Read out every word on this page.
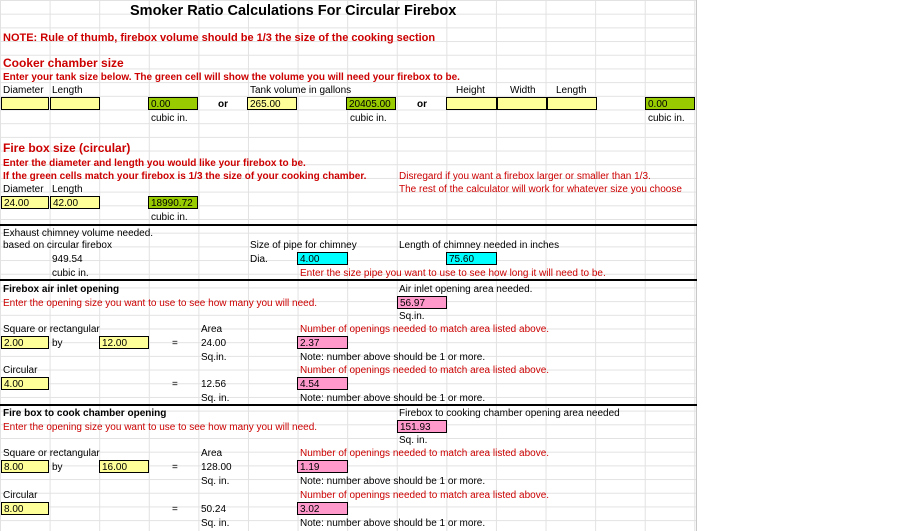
Smoker Ratio Calculations For Circular Firebox
NOTE: Rule of thumb, firebox volume should be 1/3 the size of the cooking section
Cooker chamber size
Enter your tank size below. The green cell will show the volume you will need your firebox to be.
Diameter Length	Tank volume in gallons	Height	Width Length
0.00	or	265.00	20405.00	or	0.00
cubic in.	cubic in.	cubic in.
Fire box size (circular)
Enter the diameter and length you would like your firebox to be.
If the green cells match your firebox is 1/3 the size of your cooking chamber.	Disregard if you want a firebox larger or smaller than 1/3.
Diameter Length	The rest of the calculator will work for whatever size you choose
24.00	42.00	18990.72
cubic in.
Exhaust chimney volume needed.
based on circular firebox	Size of pipe for chimney	Length of chimney needed in inches
949.54	Dia.	4.00	75.60
cubic in.	Enter the size pipe you want to use to see how long it will need to be.
Firebox air inlet opening	Air inlet opening area needed.
Enter the opening size you want to use to see how many you will need.	56.97
Sq.in.
Square or rectangular	Area	Number of openings needed to match area listed above.
2.00	by	12.00	= 24.00	2.37
Sq.in.	Note: number above should be 1 or more.
Circular	Number of openings needed to match area listed above.
4.00	= 12.56	4.54
Sq. in.	Note: number above should be 1 or more.
Fire box to cook chamber opening	Firebox to cooking chamber opening area needed
Enter the opening size you want to use to see how many you will need.	151.93
Sq. in.
Square or rectangular	Area	Number of openings needed to match area listed above.
8.00	by	16.00	= 128.00	1.19
Sq. in.	Note: number above should be 1 or more.
Circular	Number of openings needed to match area listed above.
8.00	= 50.24	3.02
Sq. in.	Note: number above should be 1 or more.
